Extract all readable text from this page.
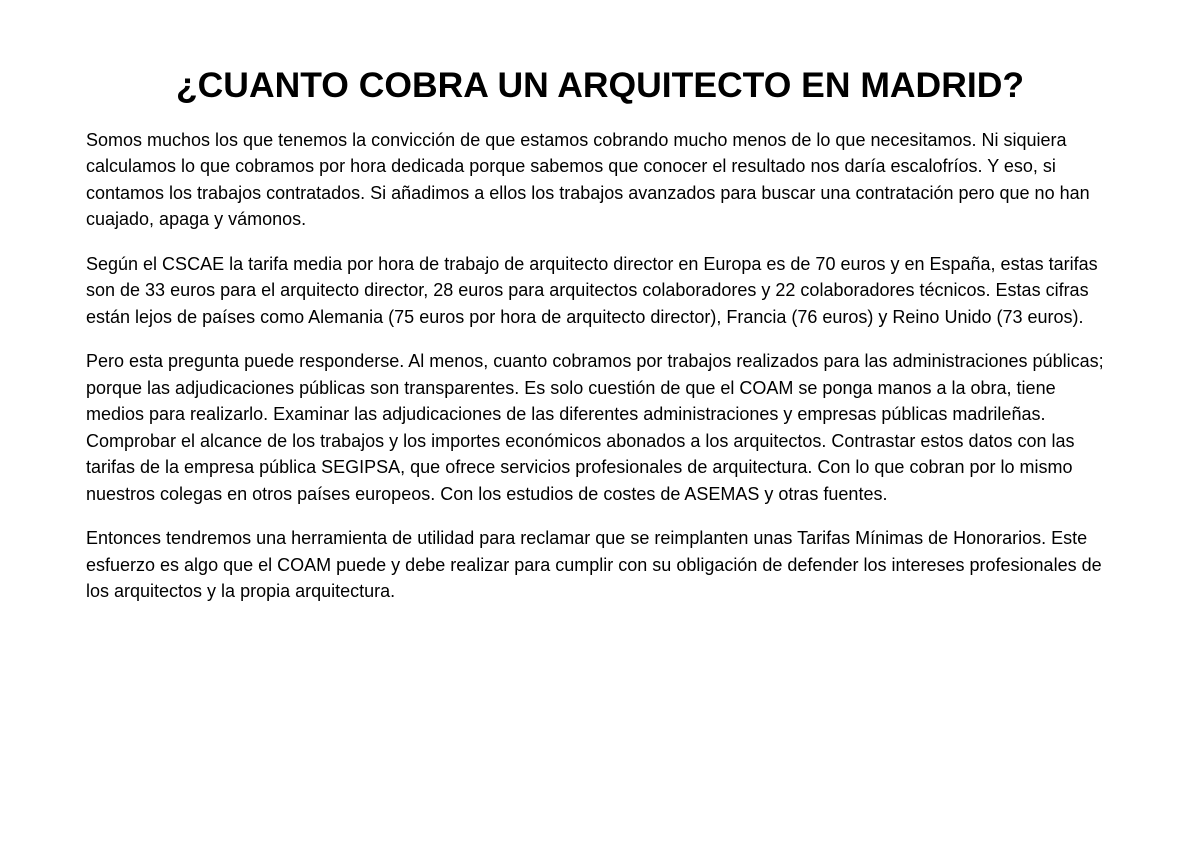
¿CUANTO COBRA UN ARQUITECTO EN MADRID?

Somos muchos los que tenemos la convicción de que estamos cobrando mucho menos de lo que necesitamos. Ni siquiera calculamos lo que cobramos por hora dedicada porque sabemos que conocer el resultado nos daría escalofríos. Y eso, si contamos los trabajos contratados. Si añadimos a ellos los trabajos avanzados para buscar una contratación pero que no han cuajado, apaga y vámonos.

Según el CSCAE la tarifa media por hora de trabajo de arquitecto director en Europa es de 70 euros y en España, estas tarifas son de 33 euros para el arquitecto director, 28 euros para arquitectos colaboradores y 22 colaboradores técnicos. Estas cifras están lejos de países como Alemania (75 euros por hora de arquitecto director), Francia (76 euros) y Reino Unido (73 euros).

Pero esta pregunta puede responderse. Al menos, cuanto cobramos por trabajos realizados para las administraciones públicas; porque las adjudicaciones públicas son transparentes. Es solo cuestión de que el COAM se ponga manos a la obra, tiene medios para realizarlo. Examinar las adjudicaciones de las diferentes administraciones y empresas públicas madrileñas. Comprobar el alcance de los trabajos y los importes económicos abonados a los arquitectos. Contrastar estos datos con las tarifas de la empresa pública SEGIPSA, que ofrece servicios profesionales de arquitectura. Con lo que cobran por lo mismo nuestros colegas en otros países europeos. Con los estudios de costes de ASEMAS y otras fuentes.

Entonces tendremos una herramienta de utilidad para reclamar que se reimplanten unas Tarifas Mínimas de Honorarios. Este esfuerzo es algo que el COAM puede y debe realizar para cumplir con su obligación de defender los intereses profesionales de los arquitectos y la propia arquitectura.
